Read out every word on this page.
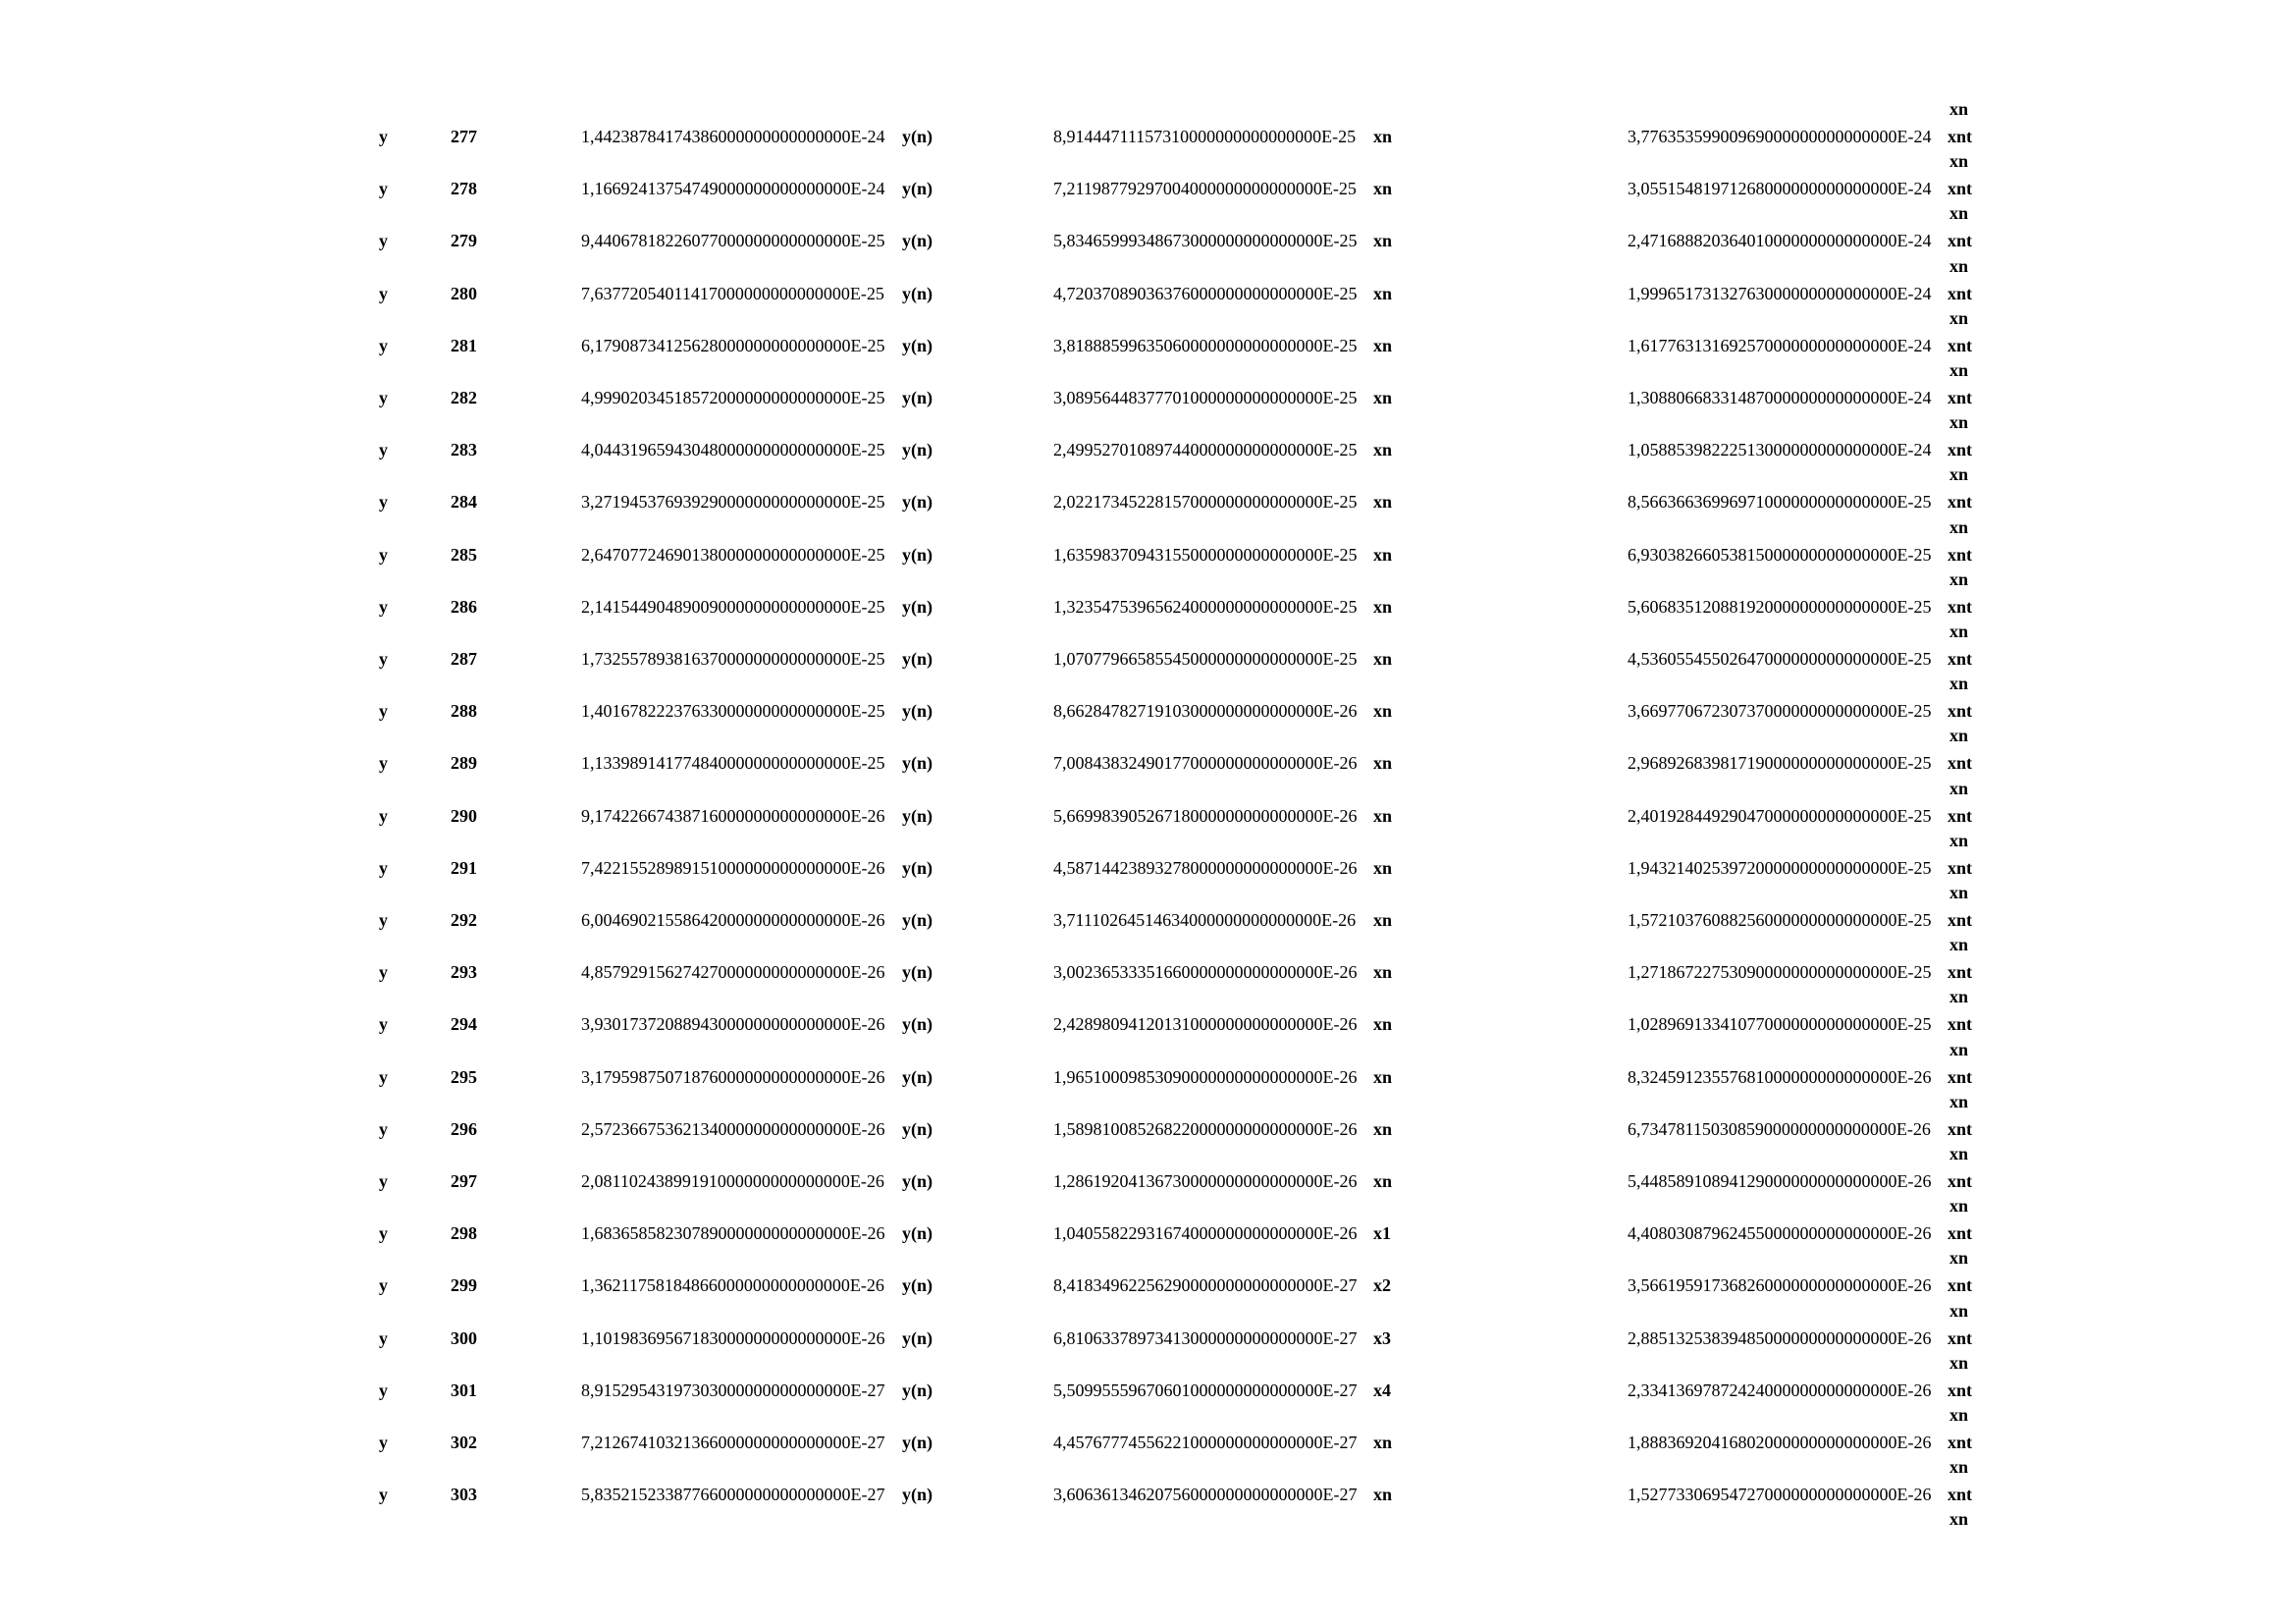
xn
xn
xn
xn
xn
xn
xn
xn
xn
xn
xn
xn
xn
xn
xn
xn
xn
xn
xn
xn
xn
xn
xn
xn
xn
xn
xn
xn
y	277	1,44238784174386000000000000000E-24 y(n)	8,91444711157310000000000000000E-25 xn	3,77635359900969000000000000000E-24 xnt
y	278	1,16692413754749000000000000000E-24 y(n)	7,21198779297004000000000000000E-25 xn	3,05515481971268000000000000000E-24 xnt
y	279	9,44067818226077000000000000000E-25 y(n)	5,83465999348673000000000000000E-25 xn	2,47168882036401000000000000000E-24 xnt
y	280	7,63772054011417000000000000000E-25 y(n)	4,72037089036376000000000000000E-25 xn	1,99965173132763000000000000000E-24 xnt
y	281	6,17908734125628000000000000000E-25 y(n)	3,81888599635060000000000000000E-25 xn	1,61776313169257000000000000000E-24 xnt
y	282	4,99902034518572000000000000000E-25 y(n)	3,08956448377701000000000000000E-25 xn	1,30880668331487000000000000000E-24 xnt
y	283	4,04431965943048000000000000000E-25 y(n)	2,49952701089744000000000000000E-25 xn	1,05885398222513000000000000000E-24 xnt
y	284	3,27194537693929000000000000000E-25 y(n)	2,02217345228157000000000000000E-25 xn	8,56636636996971000000000000000E-25 xnt
y	285	2,64707724690138000000000000000E-25 y(n)	1,63598370943155000000000000000E-25 xn	6,93038266053815000000000000000E-25 xnt
y	286	2,14154490489009000000000000000E-25 y(n)	1,32354753965624000000000000000E-25 xn	5,60683512088192000000000000000E-25 xnt
y	287	1,73255789381637000000000000000E-25 y(n)	1,07077966585545000000000000000E-25 xn	4,53605545502647000000000000000E-25 xnt
y	288	1,40167822237633000000000000000E-25 y(n)	8,66284782719103000000000000000E-26 xn	3,66977067230737000000000000000E-25 xnt
y	289	1,13398914177484000000000000000E-25 y(n)	7,00843832490177000000000000000E-26 xn	2,96892683981719000000000000000E-25 xnt
y	290	9,17422667438716000000000000000E-26 y(n)	5,66998390526718000000000000000E-26 xn	2,40192844929047000000000000000E-25 xnt
y	291	7,42215528989151000000000000000E-26 y(n)	4,58714423893278000000000000000E-26 xn	1,94321402539720000000000000000E-25 xnt
y	292	6,00469021558642000000000000000E-26 y(n)	3,71110264514634000000000000000E-26 xn	1,57210376088256000000000000000E-25 xnt
y	293	4,85792915627427000000000000000E-26 y(n)	3,00236533351660000000000000000E-26 xn	1,27186722753090000000000000000E-25 xnt
y	294	3,93017372088943000000000000000E-26 y(n)	2,42898094120131000000000000000E-26 xn	1,02896913341077000000000000000E-25 xnt
y	295	3,17959875071876000000000000000E-26 y(n)	1,96510009853090000000000000000E-26 xn	8,32459123557681000000000000000E-26 xnt
y	296	2,57236675362134000000000000000E-26 y(n)	1,58981008526822000000000000000E-26 xn	6,73478115030859000000000000000E-26 xnt
y	297	2,08110243899191000000000000000E-26 y(n)	1,28619204136730000000000000000E-26 xn	5,44858910894129000000000000000E-26 xnt
y	298	1,68365858230789000000000000000E-26 y(n)	1,04055822931674000000000000000E-26 x1	4,40803087962455000000000000000E-26 xnt
y	299	1,36211758184866000000000000000E-26 y(n)	8,41834962256290000000000000000E-27 x2	3,56619591736826000000000000000E-26 xnt
y	300	1,10198369567183000000000000000E-26 y(n)	6,81063378973413000000000000000E-27 x3	2,88513253839485000000000000000E-26 xnt
y	301	8,91529543197303000000000000000E-27 y(n)	5,50995559670601000000000000000E-27 x4	2,33413697872424000000000000000E-26 xnt
y	302	7,21267410321366000000000000000E-27 y(n)	4,45767774556221000000000000000E-27 xn	1,88836920416802000000000000000E-26 xnt
y	303	5,83521523387766000000000000000E-27 y(n)	3,60636134620756000000000000000E-27 xn	1,52773306954727000000000000000E-26 xnt
